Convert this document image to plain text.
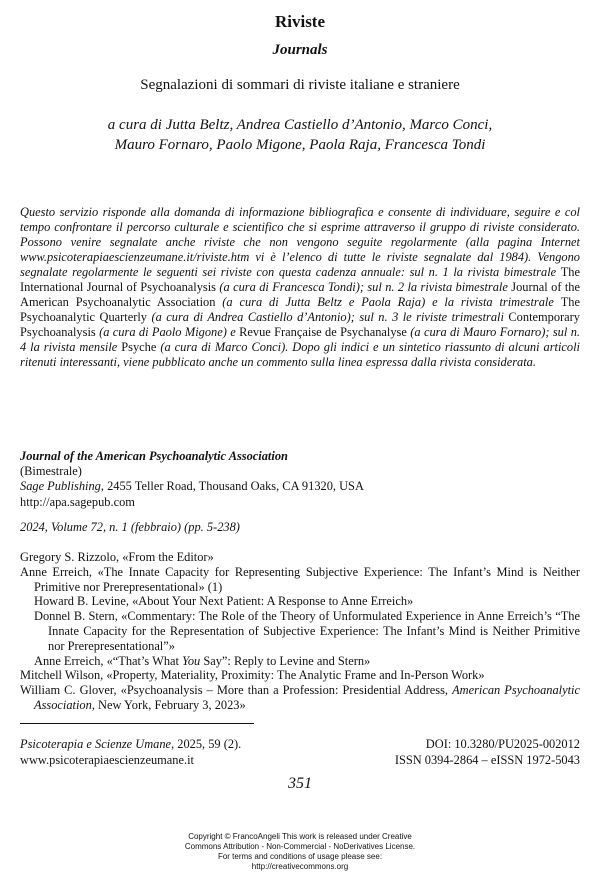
Riviste
Journals
Segnalazioni di sommari di riviste italiane e straniere
a cura di Jutta Beltz, Andrea Castiello d’Antonio, Marco Conci,
Mauro Fornaro, Paolo Migone, Paola Raja, Francesca Tondi
Questo servizio risponde alla domanda di informazione bibliografica e consente di individuare, seguire e col tempo confrontare il percorso culturale e scientifico che si esprime attraverso il gruppo di riviste considerato. Possono venire segnalate anche riviste che non vengono seguite regolarmente (alla pagina Internet www.psicoterapiaescienzeumane.it/riviste.htm vi è l’elenco di tutte le riviste segnalate dal 1984). Vengono segnalate regolarmente le seguenti sei riviste con questa cadenza annuale: sul n. 1 la rivista bimestrale The International Journal of Psychoanalysis (a cura di Francesca Tondi); sul n. 2 la rivista bimestrale Journal of the American Psychoanalytic Association (a cura di Jutta Beltz e Paola Raja) e la rivista trimestrale The Psychoanalytic Quarterly (a cura di Andrea Castiello d’Antonio); sul n. 3 le riviste trimestrali Contemporary Psychoanalysis (a cura di Paolo Migone) e Revue Française de Psychanalyse (a cura di Mauro Fornaro); sul n. 4 la rivista mensile Psyche (a cura di Marco Conci). Dopo gli indici e un sintetico riassunto di alcuni articoli ritenuti interessanti, viene pubblicato anche un commento sulla linea espressa dalla rivista considerata.
Journal of the American Psychoanalytic Association
(Bimestrale)
Sage Publishing, 2455 Teller Road, Thousand Oaks, CA 91320, USA
http://apa.sagepub.com
2024, Volume 72, n. 1 (febbraio) (pp. 5-238)
Gregory S. Rizzolo, «From the Editor»
Anne Erreich, «The Innate Capacity for Representing Subjective Experience: The Infant’s Mind is Neither Primitive nor Prerepresentational» (1)
Howard B. Levine, «About Your Next Patient: A Response to Anne Erreich»
Donnel B. Stern, «Commentary: The Role of the Theory of Unformulated Experience in Anne Erreich’s “The Innate Capacity for the Representation of Subjective Experience: The Infant’s Mind is Neither Primitive nor Prerepresentational”»
Anne Erreich, «“That’s What You Say”: Reply to Levine and Stern»
Mitchell Wilson, «Property, Materiality, Proximity: The Analytic Frame and In-Person Work»
William C. Glover, «Psychoanalysis – More than a Profession: Presidential Address, American Psychoanalytic Association, New York, February 3, 2023»
Psicoterapia e Scienze Umane, 2025, 59 (2).
www.psicoterapiaescienzeumane.it
DOI: 10.3280/PU2025-002012
ISSN 0394-2864 – eISSN 1972-5043
351
Copyright © FrancoAngeli This work is released under Creative
Commons Attribution - Non-Commercial - NoDerivatives License.
For terms and conditions of usage please see:
http://creativecommons.org
